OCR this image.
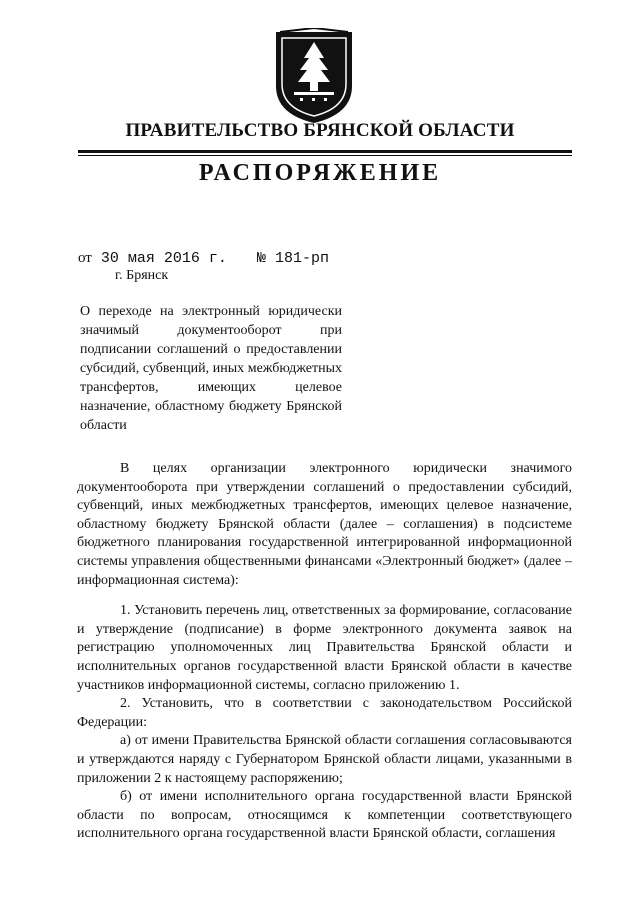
ПРАВИТЕЛЬСТВО БРЯНСКОЙ ОБЛАСТИ
РАСПОРЯЖЕНИЕ
от 30 мая 2016 г. № 181-рп
г. Брянск
О переходе на электронный юридически значимый документооборот при подписании соглашений о предоставлении субсидий, субвенций, иных межбюджетных трансфертов, имеющих целевое назначение, областному бюджету Брянской области

В целях организации электронного юридически значимого документооборота при утверждении соглашений о предоставлении субсидий, субвенций, иных межбюджетных трансфертов, имеющих целевое назначение, областному бюджету Брянской области (далее – соглашения) в подсистеме бюджетного планирования государственной интегрированной информационной системы управления общественными финансами «Электронный бюджет» (далее – информационная система):

1. Установить перечень лиц, ответственных за формирование, согласование и утверждение (подписание) в форме электронного документа заявок на регистрацию уполномоченных лиц Правительства Брянской области и исполнительных органов государственной власти Брянской области в качестве участников информационной системы, согласно приложению 1.

2. Установить, что в соответствии с законодательством Российской Федерации:

а) от имени Правительства Брянской области соглашения согласовываются и утверждаются наряду с Губернатором Брянской области лицами, указанными в приложении 2 к настоящему распоряжению;

б) от имени исполнительного органа государственной власти Брянской области по вопросам, относящимся к компетенции соответствующего исполнительного органа государственной власти Брянской области, соглашения
